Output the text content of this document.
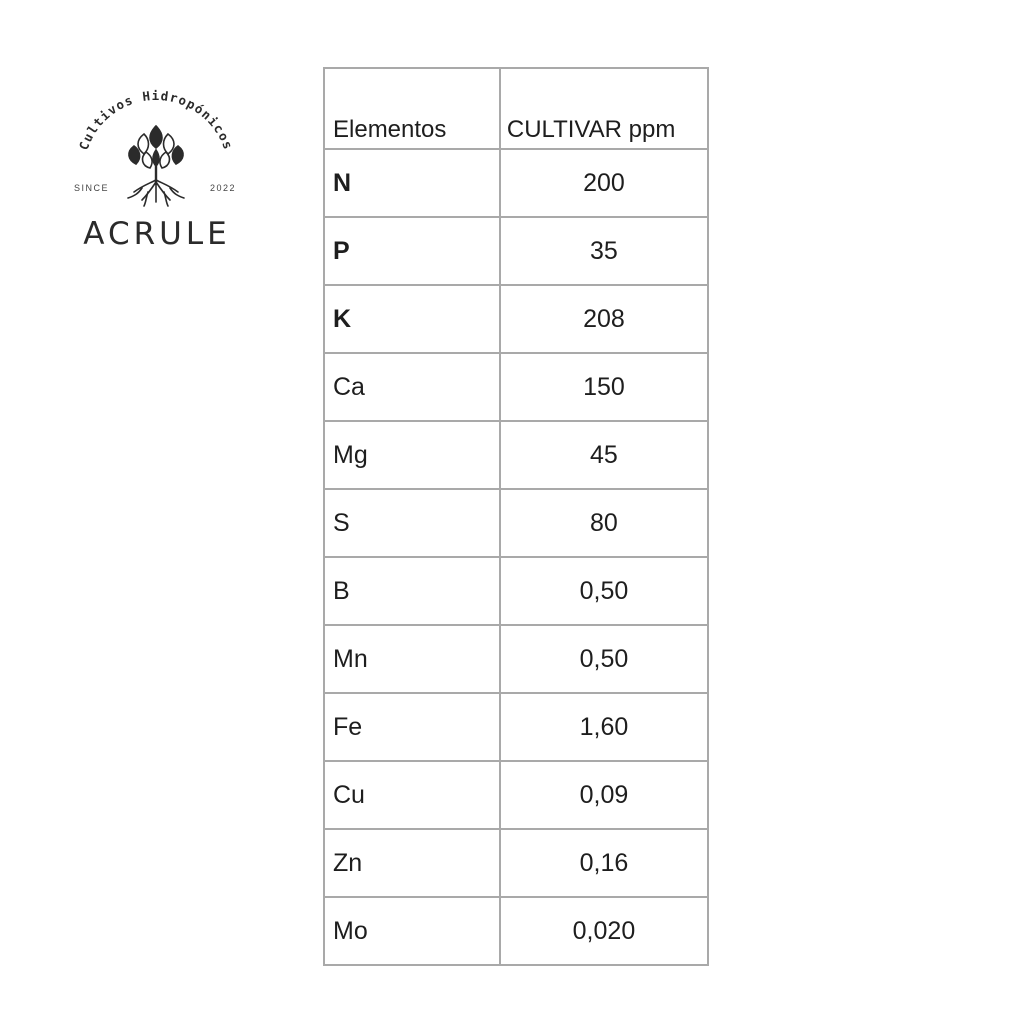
Cultivos Hidropónicos
SINCE	2022
ACRULE
Elementos	CULTIVAR ppm
N	200
P	35
K	208
Ca	150
Mg	45
S	80
B	0,50
Mn	0,50
Fe	1,60
Cu	0,09
Zn	0,16
Mo	0,020
